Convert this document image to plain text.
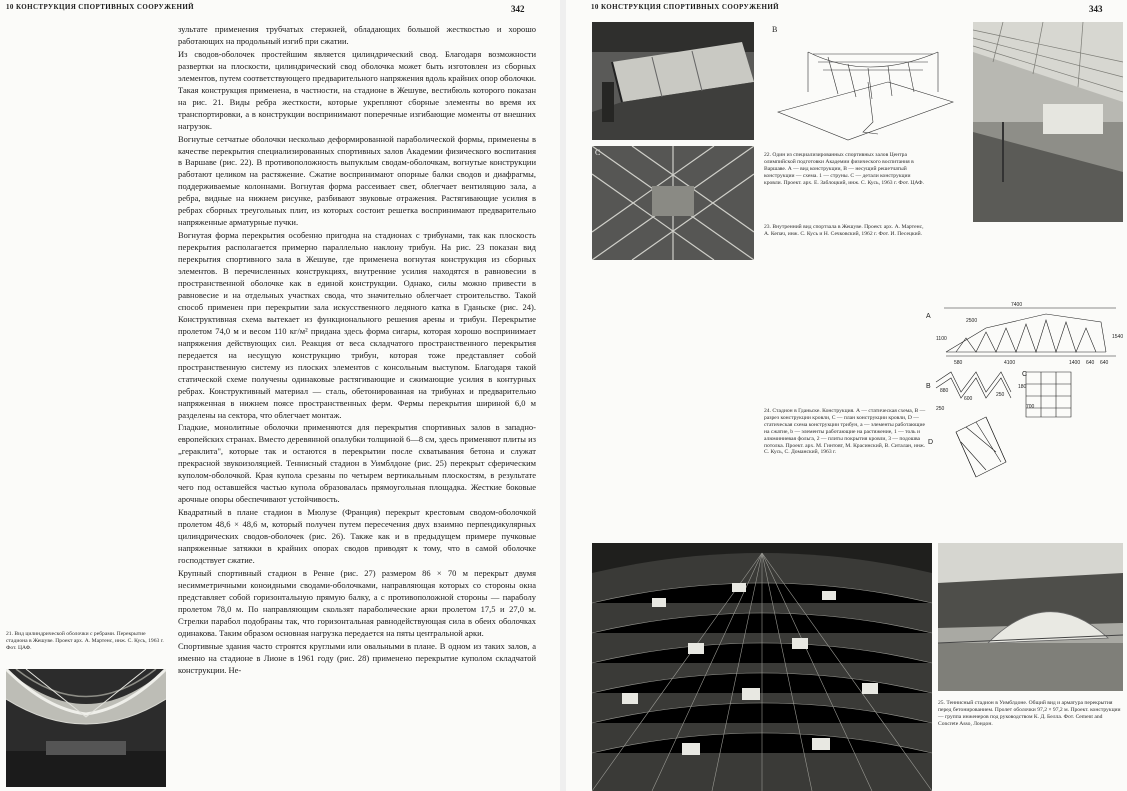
10 КОНСТРУКЦИЯ СПОРТИВНЫХ СООРУЖЕНИЙ	342

зультате применения трубчатых стержней, обладающих большой жесткостью и хорошо работающих на продольный изгиб при сжатии.

Из сводов-оболочек простейшим является цилиндрический свод. Благодаря возможности развертки на плоскости, цилиндрический свод оболочка может быть изготовлен из сборных элементов, путем соответствующего предварительного напряжения вдоль крайних опор оболочки. Такая конструкция применена, в частности, на стадионе в Жешуве, вестибюль которого показан на рис. 21. Виды ребра жесткости, которые укрепляют сборные элементы во время их транспортировки, а в конструкции воспринимают поперечные изгибающие моменты от внешних нагрузок.

Вогнутые сетчатые оболочки несколько деформированной параболической формы, применены в качестве перекрытия специализированных спортивных залов Академии физического воспитания в Варшаве (рис. 22). В противоположность выпуклым сводам-оболочкам, вогнутые конструкции работают целиком на растяжение. Сжатие воспринимают опорные балки сводов и диафрагмы, поддерживаемые колоннами. Вогнутая форма рассеивает свет, облегчает вентиляцию зала, а ребра, видные на нижнем рисунке, разбивают звуковые отражения. Растягивающие усилия в ребрах сборных треугольных плит, из которых состоит решетка воспринимают предварительно напряженные арматурные пучки.

Вогнутая форма перекрытия особенно пригодна на стадионах с трибунами, так как плоскость перекрытия располагается примерно параллельно наклону трибун. На рис. 23 показан вид перекрытия спортивного зала в Жешуве, где применена вогнутая конструкция из сборных элементов. В перечисленных конструкциях, внутренние усилия находятся в равновесии в пространственной оболочке как в единой конструкции. Однако, силы можно привести в равновесие и на отдельных участках свода, что значительно облегчает строительство. Такой способ применен при перекрытии зала искусственного ледяного катка в Гданьске (рис. 24). Конструктивная схема вытекает из функционального решения арены и трибун. Перекрытие пролетом 74,0 м и весом 110 кг/м² придана здесь форма сигары, которая хорошо воспринимает напряжения действующих сил. Реакция от веса складчатого пространственного перекрытия передается на несущую конструкцию трибун, которая тоже представляет собой пространственную систему из плоских элементов с консольным выступом. Благодаря такой статической схеме получены одинаковые растягивающие и сжимающие усилия в контурных ребрах. Конструктивный материал — сталь, обетонированная на трибунах и предварительно напряженная в нижнем поясе пространственных ферм. Фермы перекрытия шириной 6,0 м разделены на сектора, что облегчает монтаж.

Гладкие, монолитные оболочки применяются для перекрытия спортивных залов в западно-европейских странах. Вместо деревянной опалубки толщиной 6—8 см, здесь применяют плиты из „гераклита", которые так и остаются в перекрытии после схватывания бетона и служат прекрасной звукоизоляцией. Теннисный стадион в Уимблдоне (рис. 25) перекрыт сферическим куполом-оболочкой. Края купола срезаны по четырем вертикальным плоскостям, в результате чего под оставшейся частью купола образовалась прямоугольная площадка. Жесткие боковые арочные опоры обеспечивают устойчивость.

Квадратный в плане стадион в Мюлузе (Франция) перекрыт крестовым сводом-оболочкой пролетом 48,6 × 48,6 м, который получен путем пересечения двух взаимно перпендикулярных цилиндрических сводов-оболочек (рис. 26). Также как и в предыдущем примере пучковые напряженные затяжки в крайних опорах сводов приводят к тому, что в самой оболочке господствует сжатие.

Крупный спортивный стадион в Ренне (рис. 27) размером 86 × 70 м перекрыт двумя несимметричными коноидными сводами-оболочками, направляющая которых со стороны окна представляет собой горизонтальную прямую балку, а с противоположной стороны — параболу пролетом 78,0 м. По направляющим скользят параболические арки пролетом 17,5 и 27,0 м. Стрелки парабол подобраны так, что горизонтальная равнодействующая сила в обеих оболочках одинакова. Таким образом основная нагрузка передается на пяты центральной арки.

Спортивные здания часто строятся круглыми или овальными в плане. В одном из таких залов, а именно на стадионе в Лионе в 1961 году (рис. 28) применено перекрытие куполом складчатой конструкции. Не-

21. Вид цилиндрической оболочки с ребрами. Перекрытие стадиона в Жешуве. Проект арх. А. Мартенс, инж. С. Кусь, 1963 г. Фот. ЦАФ.
10 КОНСТРУКЦИЯ СПОРТИВНЫХ СООРУЖЕНИЙ	343
B
C	22. Один из специализированных спортивных залов Центра олимпийской подготовки Академии физического воспитания в Варшаве. А — вид конструкции, В — несущий решетчатый конструкции — схема. 1 — струны. С — детали конструкции кровли. Проект. арх. Е. Заблоцкий, инж. С. Кусь, 1963 г. Фот. ЦАФ.
23. Внутренний вид спортзала в Жешуве. Проект. арх. А. Мартенс, А. Кепач, инж. С. Кусь и Н. Сечковский, 1962 г. Фот. И. Песецкий.
A
B
C
D
7400
2500
580	4100	1400 640 640
1540
1100
250
600
250
700
880
180
24. Стадион в Гданьске. Конструкция. А — статическая схема, В — разрез конструкции кровли, С — план конструкции кровли, D — статическая схема конструкции трибун, а — элементы работающие на сжатие, b — элементы работающие на растяжение, 1 — толь и алюминиевая фольга, 2 — плиты покрытия кровли, 3 — подошва потолка. Проект. арх. М. Гинтовт, М. Красинский, В. Ситалан, инж. С. Кусь, С. Доманский, 1963 г.
25. Теннисный стадион в Уимблдоне. Общий вид и арматура перекрытия перед бетонированием. Пролет оболочки 97,2 × 97,2 м. Проект. конструкции — группа инженеров под руководством К. Д. Белла. Фот. Cement and Concrete Asso, Лондон.
